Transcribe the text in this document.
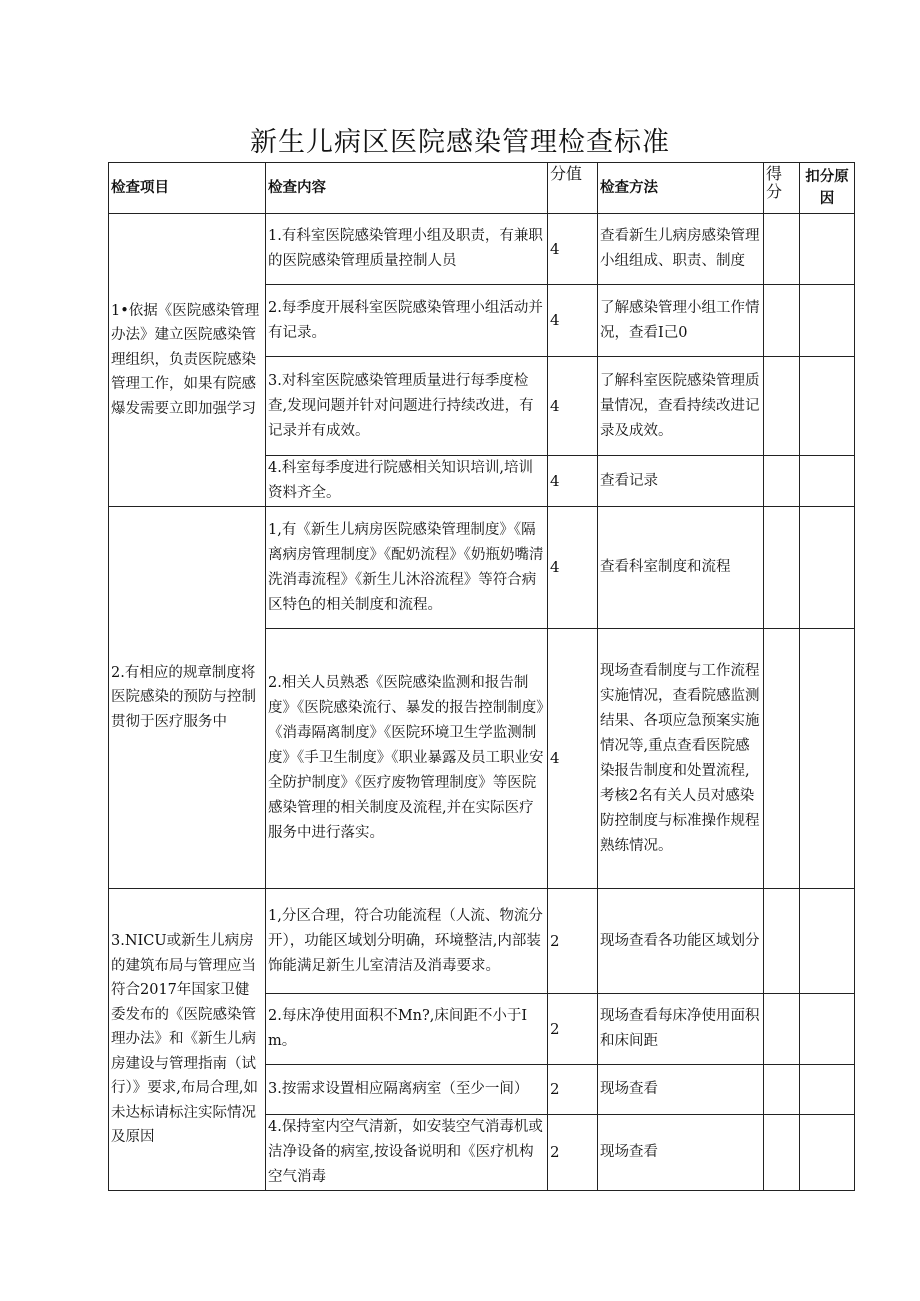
新生儿病区医院感染管理检查标准
检查项目	检查内容	分值	检查方法	得分	扣分原因
1•依据《医院感染管理办法》建立医院感染管理组织，负责医院感染管理工作，如果有院感爆发需要立即加强学习	1.有科室医院感染管理小组及职责，有兼职的医院感染管理质量控制人员	4	查看新生儿病房感染管理小组组成、职责、制度		
	2.每季度开展科室医院感染管理小组活动并有记录。	4	了解感染管理小组工作情况，查看I己0		
	3.对科室医院感染管理质量进行每季度检查,发现问题并针对问题进行持续改进，有记录并有成效。	4	了解科室医院感染管理质量情况，查看持续改进记录及成效。		
	4.科室每季度进行院感相关知识培训,培训资料齐全。	4	查看记录		
2.有相应的规章制度将医院感染的预防与控制贯彻于医疗服务中	1,有《新生儿病房医院感染管理制度》《隔离病房管理制度》《配奶流程》《奶瓶奶嘴清洗消毒流程》《新生儿沐浴流程》等符合病区特色的相关制度和流程。	4	查看科室制度和流程		
	2.相关人员熟悉《医院感染监测和报告制度》《医院感染流行、暴发的报告控制制度》《消毒隔离制度》《医院环境卫生学监测制度》《手卫生制度》《职业暴露及员工职业安全防护制度》《医疗废物管理制度》等医院感染管理的相关制度及流程,并在实际医疗服务中进行落实。	4	现场查看制度与工作流程实施情况，查看院感监测结果、各项应急预案实施情况等,重点查看医院感染报告制度和处置流程,考核2名有关人员对感染防控制度与标准操作规程熟练情况。		
3.NICU或新生儿病房的建筑布局与管理应当符合2017年国家卫健委发布的《医院感染管理办法》和《新生儿病房建设与管理指南（试行）》要求,布局合理,如未达标请标注实际情况及原因	1,分区合理，符合功能流程（人流、物流分开），功能区域划分明确，环境整洁,内部装饰能满足新生儿室清洁及消毒要求。	2	现场查看各功能区域划分		
	2.每床净使用面积不Mn?,床间距不小于Im。	2	现场查看每床净使用面积和床间距		
	3.按需求设置相应隔离病室（至少一间）	2	现场查看		
	4.保持室内空气清新，如安装空气消毒机或洁净设备的病室,按设备说明和《医疗机构空气消毒	2	现场查看		
